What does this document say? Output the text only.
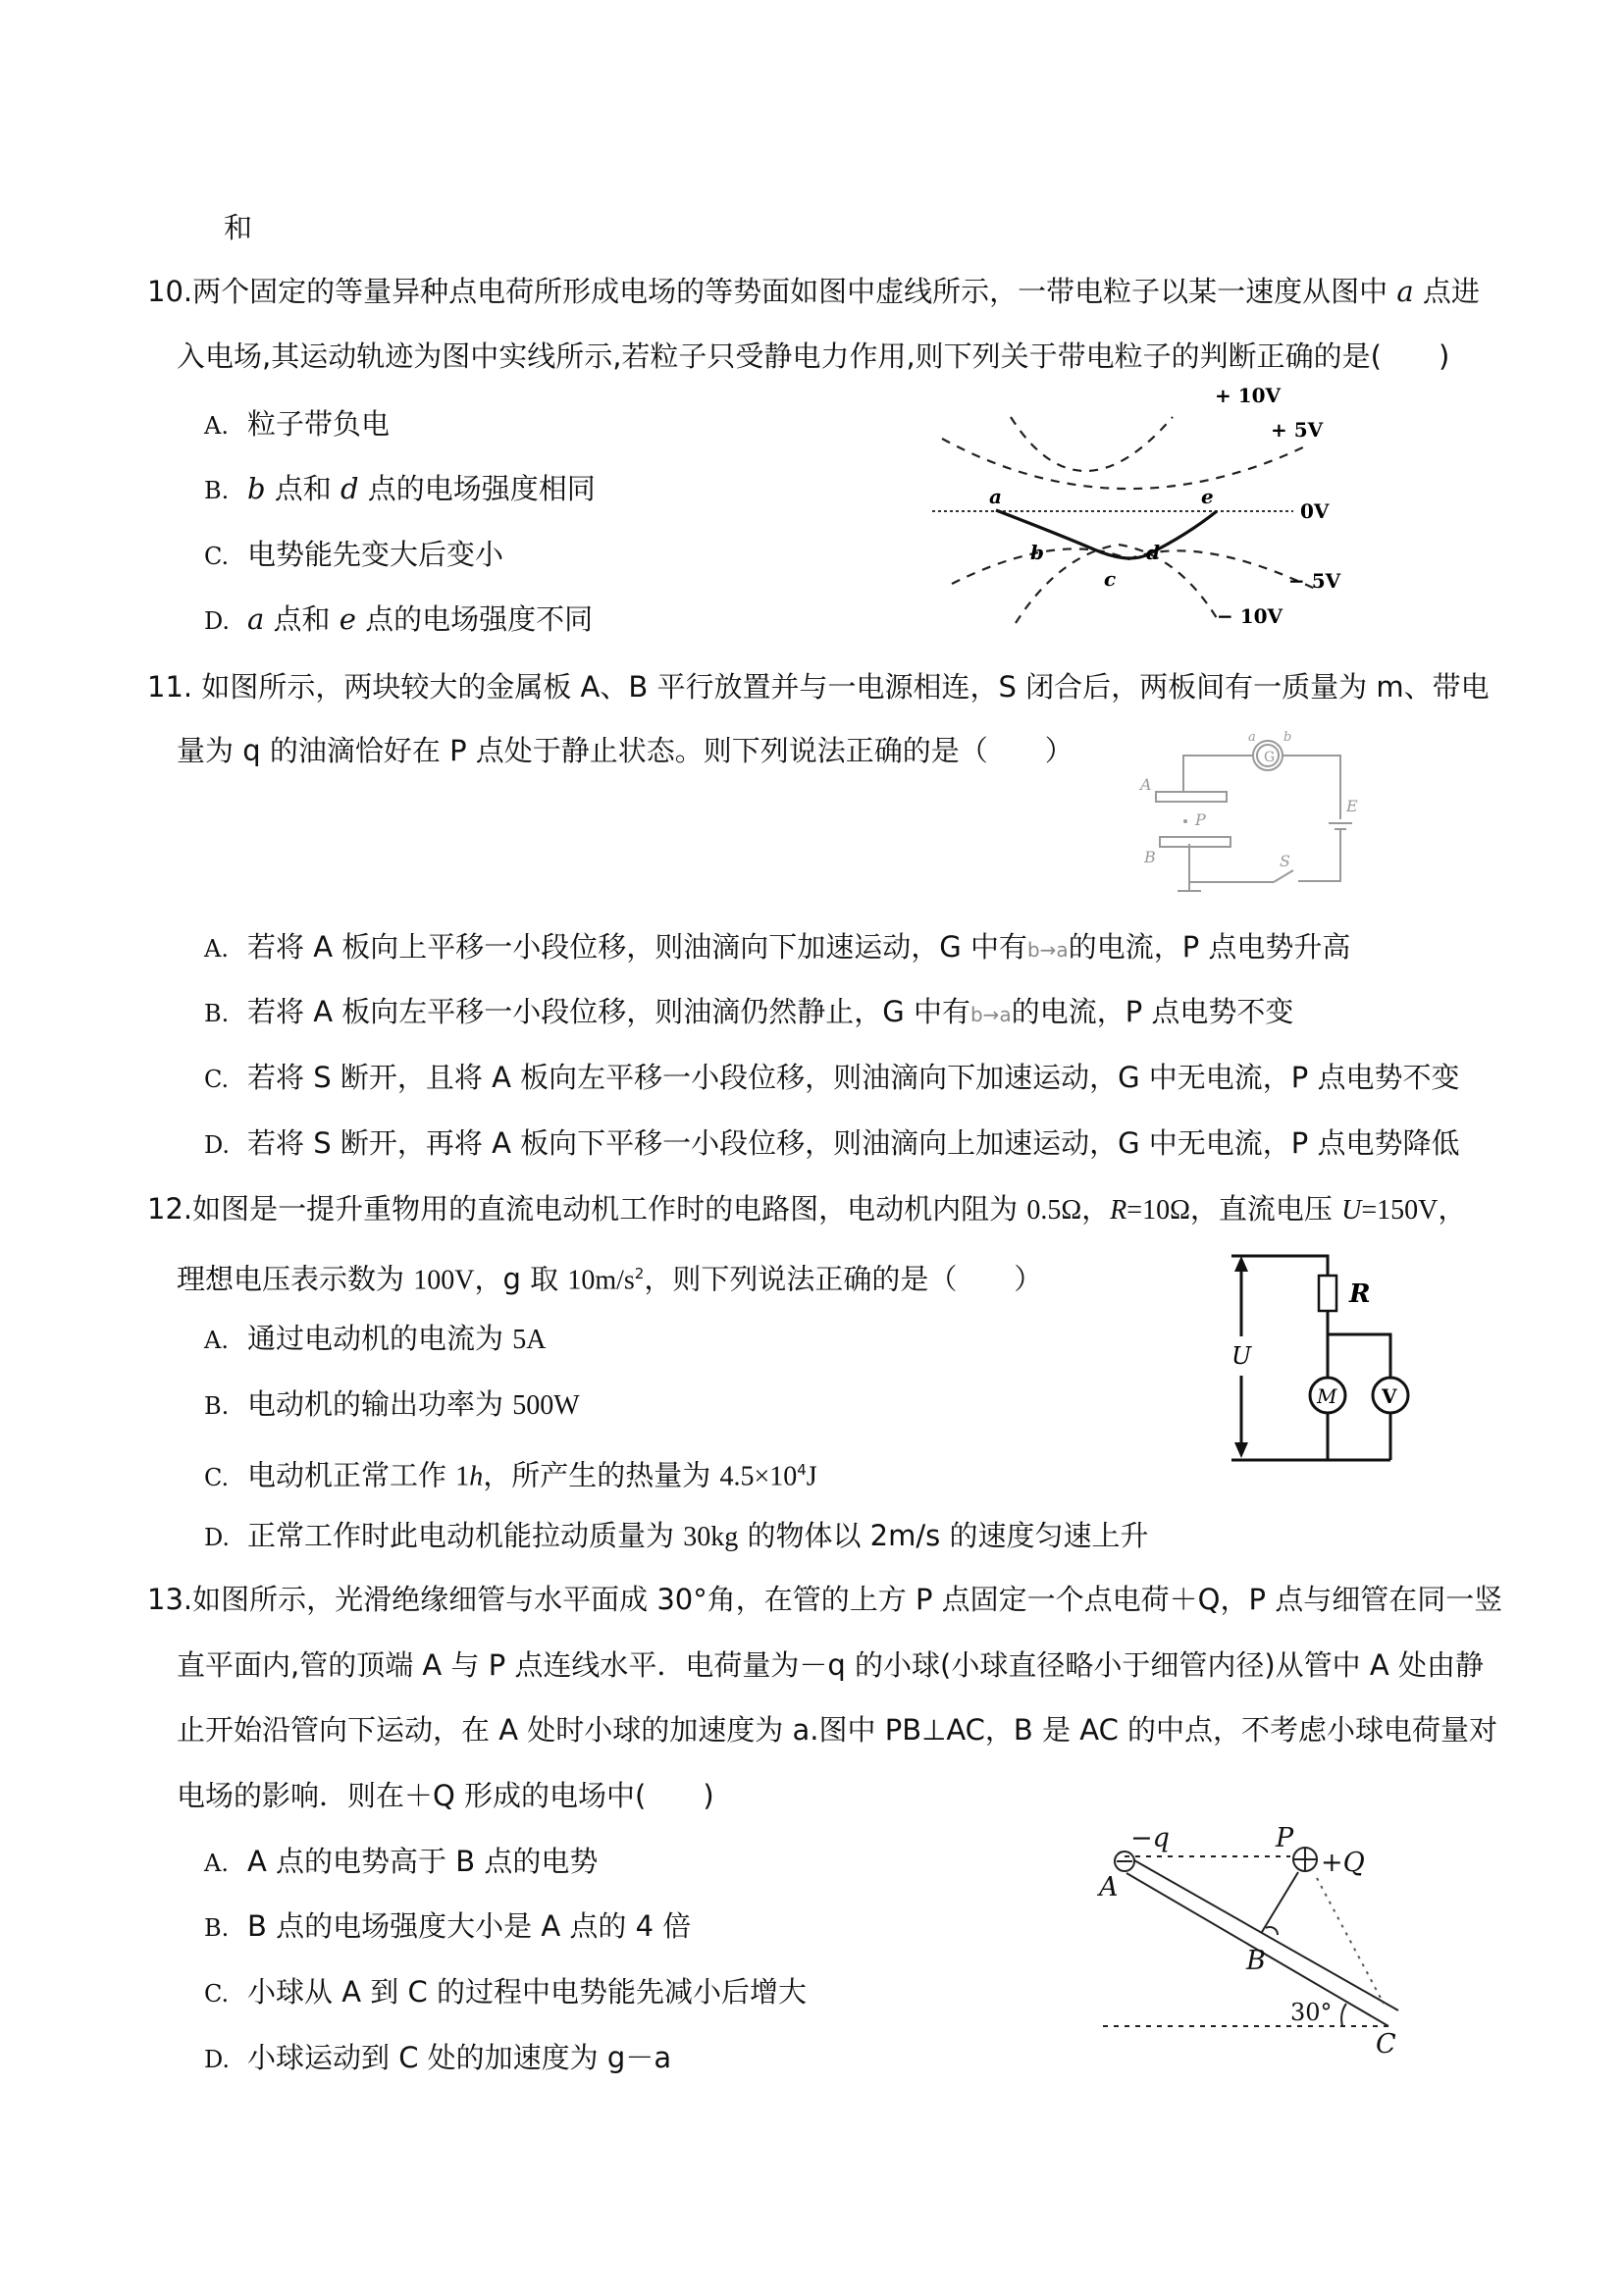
和
10.两个固定的等量异种点电荷所形成电场的等势面如图中虚线所示，一带电粒子以某一速度从图中 a 点进
入电场,其运动轨迹为图中实线所示,若粒子只受静电力作用,则下列关于带电粒子的判断正确的是(　　)
A. 粒子带负电
B. b 点和 d 点的电场强度相同
C. 电势能先变大后变小
D. a 点和 e 点的电场强度不同
+ 10V
+ 5V
0V
− 5V
− 10V
a
b
c
d
e
11. 如图所示，两块较大的金属板 A、B 平行放置并与一电源相连，S 闭合后，两板间有一质量为 m、带电
量为 q 的油滴恰好在 P 点处于静止状态。则下列说法正确的是（　　）	G
a b
A
P
B
E
S
A. 若将 A 板向上平移一小段位移，则油滴向下加速运动，G 中有b→a的电流，P 点电势升高
B. 若将 A 板向左平移一小段位移，则油滴仍然静止，G 中有b→a的电流，P 点电势不变
C. 若将 S 断开，且将 A 板向左平移一小段位移，则油滴向下加速运动，G 中无电流，P 点电势不变
D. 若将 S 断开，再将 A 板向下平移一小段位移，则油滴向上加速运动，G 中无电流，P 点电势降低
12.如图是一提升重物用的直流电动机工作时的电路图，电动机内阻为 0.5Ω，R=10Ω，直流电压 U=150V，
理想电压表示数为 100V，g 取 $10m/s^2$，则下列说法正确的是（　　）	R
U
M V
A. 通过电动机的电流为 5A
B. 电动机的输出功率为 500W
C. 电动机正常工作 1h，所产生的热量为 $4.5\times 10^4J$
D. 正常工作时此电动机能拉动质量为 30kg 的物体以 2m/s 的速度匀速上升
13.如图所示，光滑绝缘细管与水平面成 30°角，在管的上方 P 点固定一个点电荷＋Q，P 点与细管在同一竖
直平面内,管的顶端 A 与 P 点连线水平．电荷量为－q 的小球(小球直径略小于细管内径)从管中 A 处由静
止开始沿管向下运动，在 A 处时小球的加速度为 a.图中 PB⊥AC，B 是 AC 的中点，不考虑小球电荷量对
电场的影响．则在＋Q 形成的电场中(　　)
A. A 点的电势高于 B 点的电势
B. B 点的电场强度大小是 A 点的 4 倍
C. 小球从 A 到 C 的过程中电势能先减小后增大
D. 小球运动到 C 处的加速度为 g－a
−q
A
P
+Q
B
C
30°
